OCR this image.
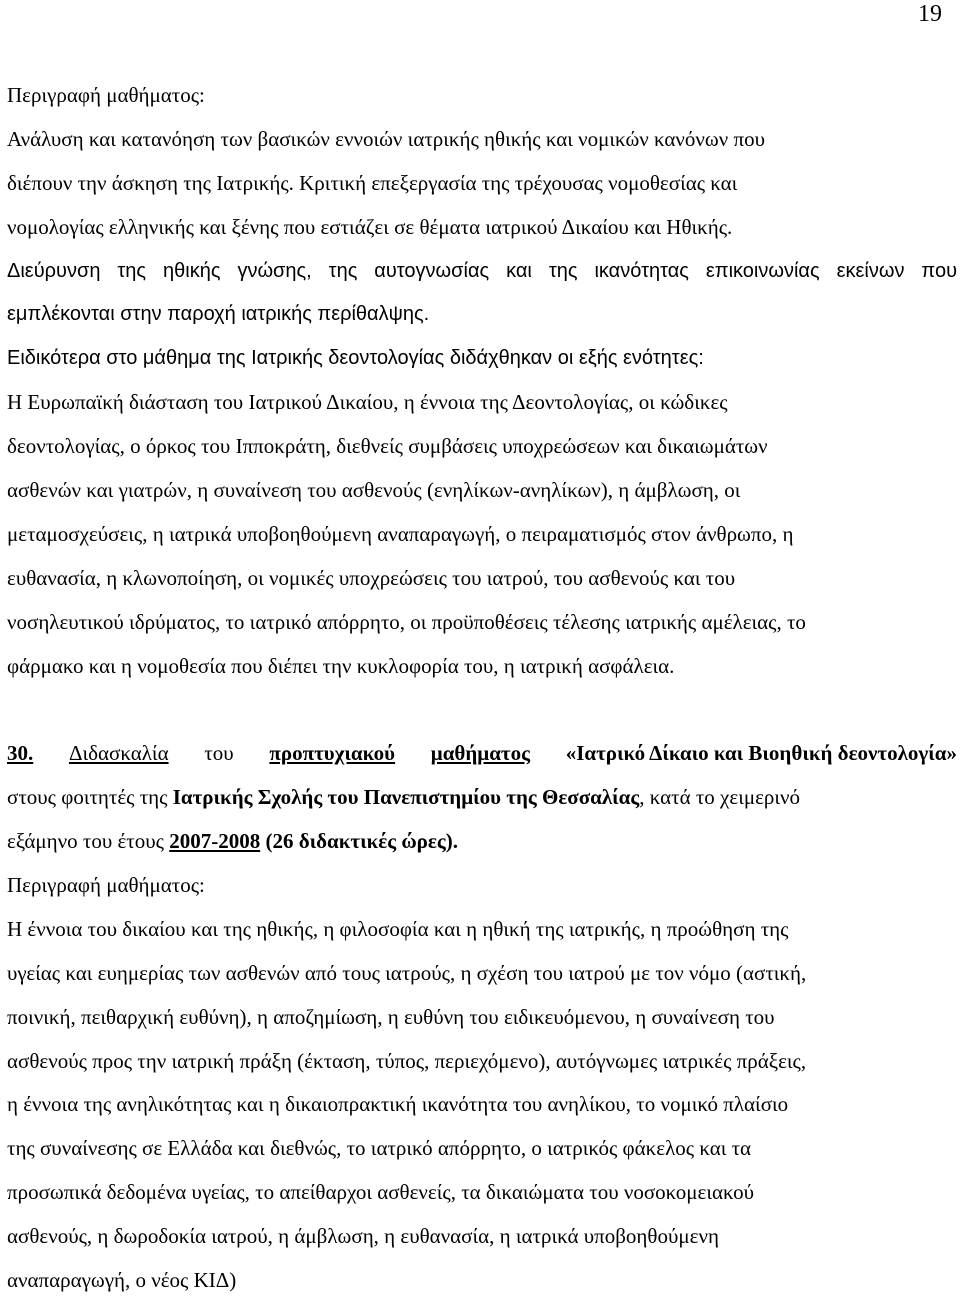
19
Περιγραφή μαθήματος:
Ανάλυση και κατανόηση των βασικών εννοιών ιατρικής ηθικής και νομικών κανόνων που
διέπουν την άσκηση της Ιατρικής. Κριτική επεξεργασία της τρέχουσας νομοθεσίας και
νομολογίας ελληνικής και ξένης που εστιάζει σε θέματα ιατρικού Δικαίου και Ηθικής.
Διεύρυνση της ηθικής γνώσης, της αυτογνωσίας και της ικανότητας επικοινωνίας εκείνων που
εμπλέκονται στην παροχή ιατρικής περίθαλψης.
Ειδικότερα στο μάθημα της Ιατρικής δεοντολογίας διδάχθηκαν οι εξής ενότητες:
Η Ευρωπαϊκή διάσταση του Ιατρικού Δικαίου, η έννοια της Δεοντολογίας, οι κώδικες
δεοντολογίας, ο όρκος του Ιπποκράτη, διεθνείς συμβάσεις υποχρεώσεων και δικαιωμάτων
ασθενών και γιατρών, η συναίνεση του ασθενούς (ενηλίκων-ανηλίκων), η άμβλωση, οι
μεταμοσχεύσεις, η ιατρικά υποβοηθούμενη αναπαραγωγή, ο πειραματισμός στον άνθρωπο, η
ευθανασία, η κλωνοποίηση, οι νομικές υποχρεώσεις του ιατρού, του ασθενούς και του
νοσηλευτικού ιδρύματος, το ιατρικό απόρρητο, οι προϋποθέσεις τέλεσης ιατρικής αμέλειας, το
φάρμακο και η νομοθεσία που διέπει την κυκλοφορία του, η ιατρική ασφάλεια.
30. Διδασκαλία του προπτυχιακού μαθήματος «Ιατρικό Δίκαιο και Βιοηθική δεοντολογία»
στους φοιτητές της Ιατρικής Σχολής του Πανεπιστημίου της Θεσσαλίας, κατά το χειμερινό
εξάμηνο του έτους 2007-2008 (26 διδακτικές ώρες).
Περιγραφή μαθήματος:
Η έννοια του δικαίου και της ηθικής, η φιλοσοφία και η ηθική της ιατρικής, η προώθηση της
υγείας και ευημερίας των ασθενών από τους ιατρούς, η σχέση του ιατρού με τον νόμο (αστική,
ποινική, πειθαρχική ευθύνη), η αποζημίωση, η ευθύνη του ειδικευόμενου, η συναίνεση του
ασθενούς προς την ιατρική πράξη (έκταση, τύπος, περιεχόμενο), αυτόγνωμες ιατρικές πράξεις,
η έννοια της ανηλικότητας και η δικαιοπρακτική ικανότητα του ανηλίκου, το νομικό πλαίσιο
της συναίνεσης σε Ελλάδα και διεθνώς, το ιατρικό απόρρητο, ο ιατρικός φάκελος και τα
προσωπικά δεδομένα υγείας, το απείθαρχοι ασθενείς, τα δικαιώματα του νοσοκομειακού
ασθενούς, η δωροδοκία ιατρού, η άμβλωση, η ευθανασία, η ιατρικά υποβοηθούμενη
αναπαραγωγή, ο νέος ΚΙΔ)
